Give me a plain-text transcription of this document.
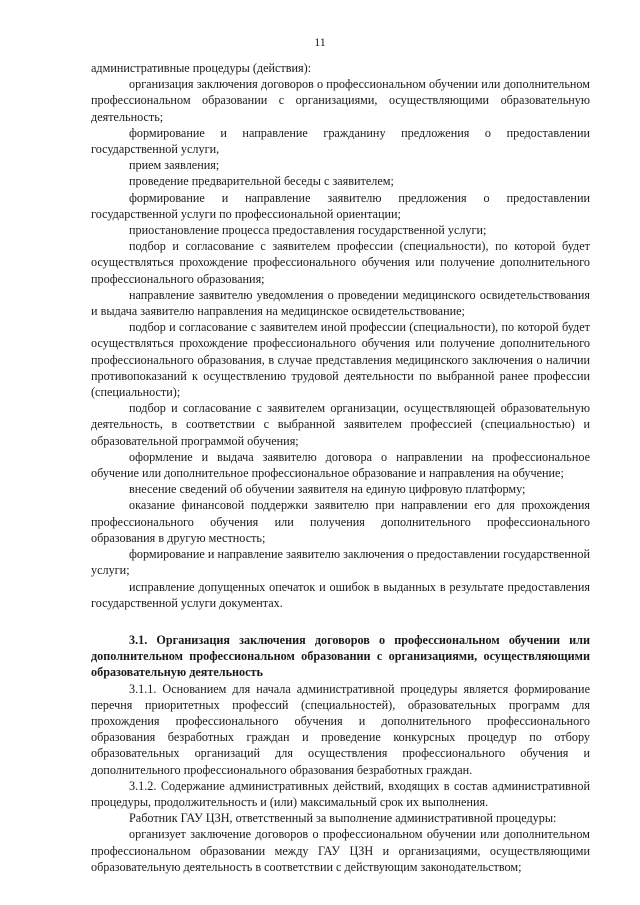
11

административные процедуры (действия):

организация заключения договоров о профессиональном обучении или дополнительном профессиональном образовании с организациями, осуществляющими образовательную деятельность;

формирование и направление гражданину предложения о предоставлении государственной услуги,

прием заявления;

проведение предварительной беседы с заявителем;

формирование и направление заявителю предложения о предоставлении государственной услуги по профессиональной ориентации;

приостановление процесса предоставления государственной услуги;

подбор и согласование с заявителем профессии (специальности), по которой будет осуществляться прохождение профессионального обучения или получение дополнительного профессионального образования;

направление заявителю уведомления о проведении медицинского освидетельствования и выдача заявителю направления на медицинское освидетельствование;

подбор и согласование с заявителем иной профессии (специальности), по которой будет осуществляться прохождение профессионального обучения или получение дополнительного профессионального образования, в случае представления медицинского заключения о наличии противопоказаний к осуществлению трудовой деятельности по выбранной ранее профессии (специальности);

подбор и согласование с заявителем организации, осуществляющей образовательную деятельность, в соответствии с выбранной заявителем профессией (специальностью) и образовательной программой обучения;

оформление и выдача заявителю договора о направлении на профессиональное обучение или дополнительное профессиональное образование и направления на обучение;

внесение сведений об обучении заявителя на единую цифровую платформу;

оказание финансовой поддержки заявителю при направлении его для прохождения профессионального обучения или получения дополнительного профессионального образования в другую местность;

формирование и направление заявителю заключения о предоставлении государственной услуги;

исправление допущенных опечаток и ошибок в выданных в результате предоставления государственной услуги документах.

3.1. Организация заключения договоров о профессиональном обучении или дополнительном профессиональном образовании с организациями, осуществляющими образовательную деятельность

3.1.1. Основанием для начала административной процедуры является формирование перечня приоритетных профессий (специальностей), образовательных программ для прохождения профессионального обучения и дополнительного профессионального образования безработных граждан и проведение конкурсных процедур по отбору образовательных организаций для осуществления профессионального обучения и дополнительного профессионального образования безработных граждан.

3.1.2. Содержание административных действий, входящих в состав административной процедуры, продолжительность и (или) максимальный срок их выполнения.

Работник ГАУ ЦЗН, ответственный за выполнение административной процедуры:

организует заключение договоров о профессиональном обучении или дополнительном профессиональном образовании между ГАУ ЦЗН и организациями, осуществляющими образовательную деятельность в соответствии с действующим законодательством;
